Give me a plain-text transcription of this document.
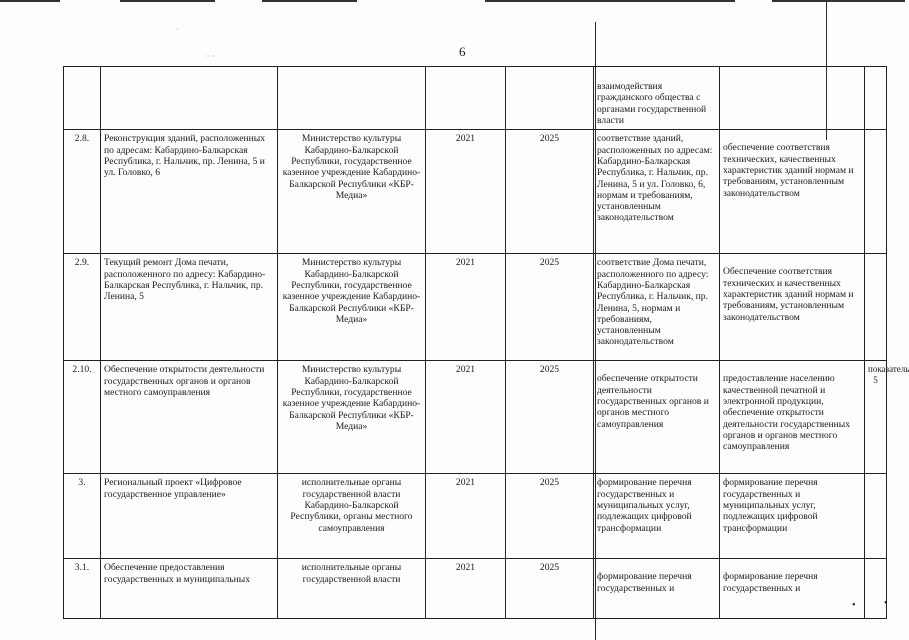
6
·· ·
·
					взаимодействия гражданского общества с органами государственной власти		
2.8.	Реконструкция зданий, расположенных по адресам: Кабардино-Балкарская Республика, г. Нальчик, пр. Ленина, 5 и ул. Головко, 6	Министерство культуры Кабардино-Балкарской Республики, государственное казенное учреждение Кабардино-Балкарской Республики «КБР-Медиа»	2021	2025	соответствие зданий, расположенных по адресам: Кабардино-Балкарская Республика, г. Нальчик, пр. Ленина, 5 и ул. Головко, 6, нормам и требованиям, установленным законодательством	обеспечение соответствия технических, качественных характеристик зданий нормам и требованиям, установленным законодательством	
2.9.	Текущий ремонт Дома печати, расположенного по адресу: Кабардино-Балкарская Республика, г. Нальчик, пр. Ленина, 5	Министерство культуры Кабардино-Балкарской Республики, государственное казенное учреждение Кабардино-Балкарской Республики «КБР-Медиа»	2021	2025	соответствие Дома печати, расположенного по адресу: Кабардино-Балкарская Республика, г. Нальчик, пр. Ленина, 5, нормам и требованиям, установленным законодательством	Обеспечение соответствия технических и качественных характеристик зданий нормам и требованиям, установленным законодательством	
2.10.	Обеспечение открытости деятельности государственных органов и органов местного самоуправления	Министерство культуры Кабардино-Балкарской Республики, государственное казенное учреждение Кабардино-Балкарской Республики «КБР-Медиа»	2021	2025	обеспечение открытости деятельности государственных органов и органов местного самоуправления	предоставление населению качественной печатной и электронной продукции, обеспечение открытости деятельности государственных органов и органов местного самоуправления	показатель 5
3.	Региональный проект «Цифровое государственное управление»	исполнительные органы государственной власти Кабардино-Балкарской Республики, органы местного самоуправления	2021	2025	формирование перечня государственных и муниципальных услуг, подлежащих цифровой трансформации	формирование перечня государственных и муниципальных услуг, подлежащих цифровой трансформации	
3.1.	Обеспечение предоставления государственных и муниципальных	исполнительные органы государственной власти	2021	2025	формирование перечня государственных и	формирование перечня государственных и	
•	•
